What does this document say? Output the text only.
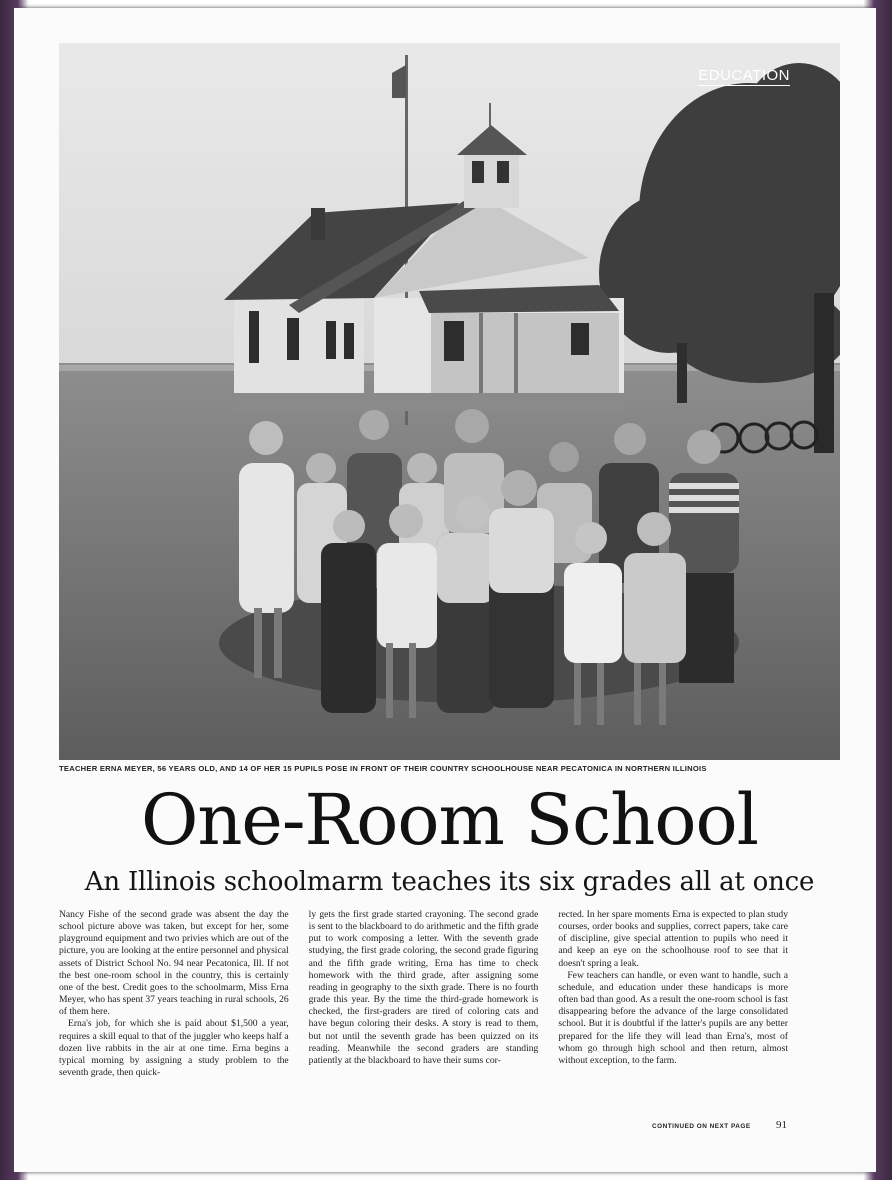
EDUCATION
TEACHER ERNA MEYER, 56 YEARS OLD, AND 14 OF HER 15 PUPILS POSE IN FRONT OF THEIR COUNTRY SCHOOLHOUSE NEAR PECATONICA IN NORTHERN ILLINOIS
One-Room School
An Illinois schoolmarm teaches its six grades all at once

Nancy Fishe of the second grade was absent the day the school picture above was taken, but except for her, some playground equipment and two privies which are out of the picture, you are looking at the entire personnel and physical assets of District School No. 94 near Pecatonica, Ill. If not the best one-room school in the country, this is certainly one of the best. Credit goes to the schoolmarm, Miss Erna Meyer, who has spent 37 years teaching in rural schools, 26 of them here.

Erna's job, for which she is paid about $1,500 a year, requires a skill equal to that of the juggler who keeps half a dozen live rabbits in the air at one time. Erna begins a typical morning by assigning a study problem to the seventh grade, then quick-

ly gets the first grade started crayoning. The second grade is sent to the blackboard to do arithmetic and the fifth grade put to work composing a letter. With the seventh grade studying, the first grade coloring, the second grade figuring and the fifth grade writing, Erna has time to check homework with the third grade, after assigning some reading in geography to the sixth grade. There is no fourth grade this year. By the time the third-grade homework is checked, the first-graders are tired of coloring cats and have begun coloring their desks. A story is read to them, but not until the seventh grade has been quizzed on its reading. Meanwhile the second graders are standing patiently at the blackboard to have their sums cor-

rected. In her spare moments Erna is expected to plan study courses, order books and supplies, correct papers, take care of discipline, give special attention to pupils who need it and keep an eye on the schoolhouse roof to see that it doesn't spring a leak.

Few teachers can handle, or even want to handle, such a schedule, and education under these handicaps is more often bad than good. As a result the one-room school is fast disappearing before the advance of the large consolidated school. But it is doubtful if the latter's pupils are any better prepared for the life they will lead than Erna's, most of whom go through high school and then return, almost without exception, to the farm.

CONTINUED ON NEXT PAGE 91
